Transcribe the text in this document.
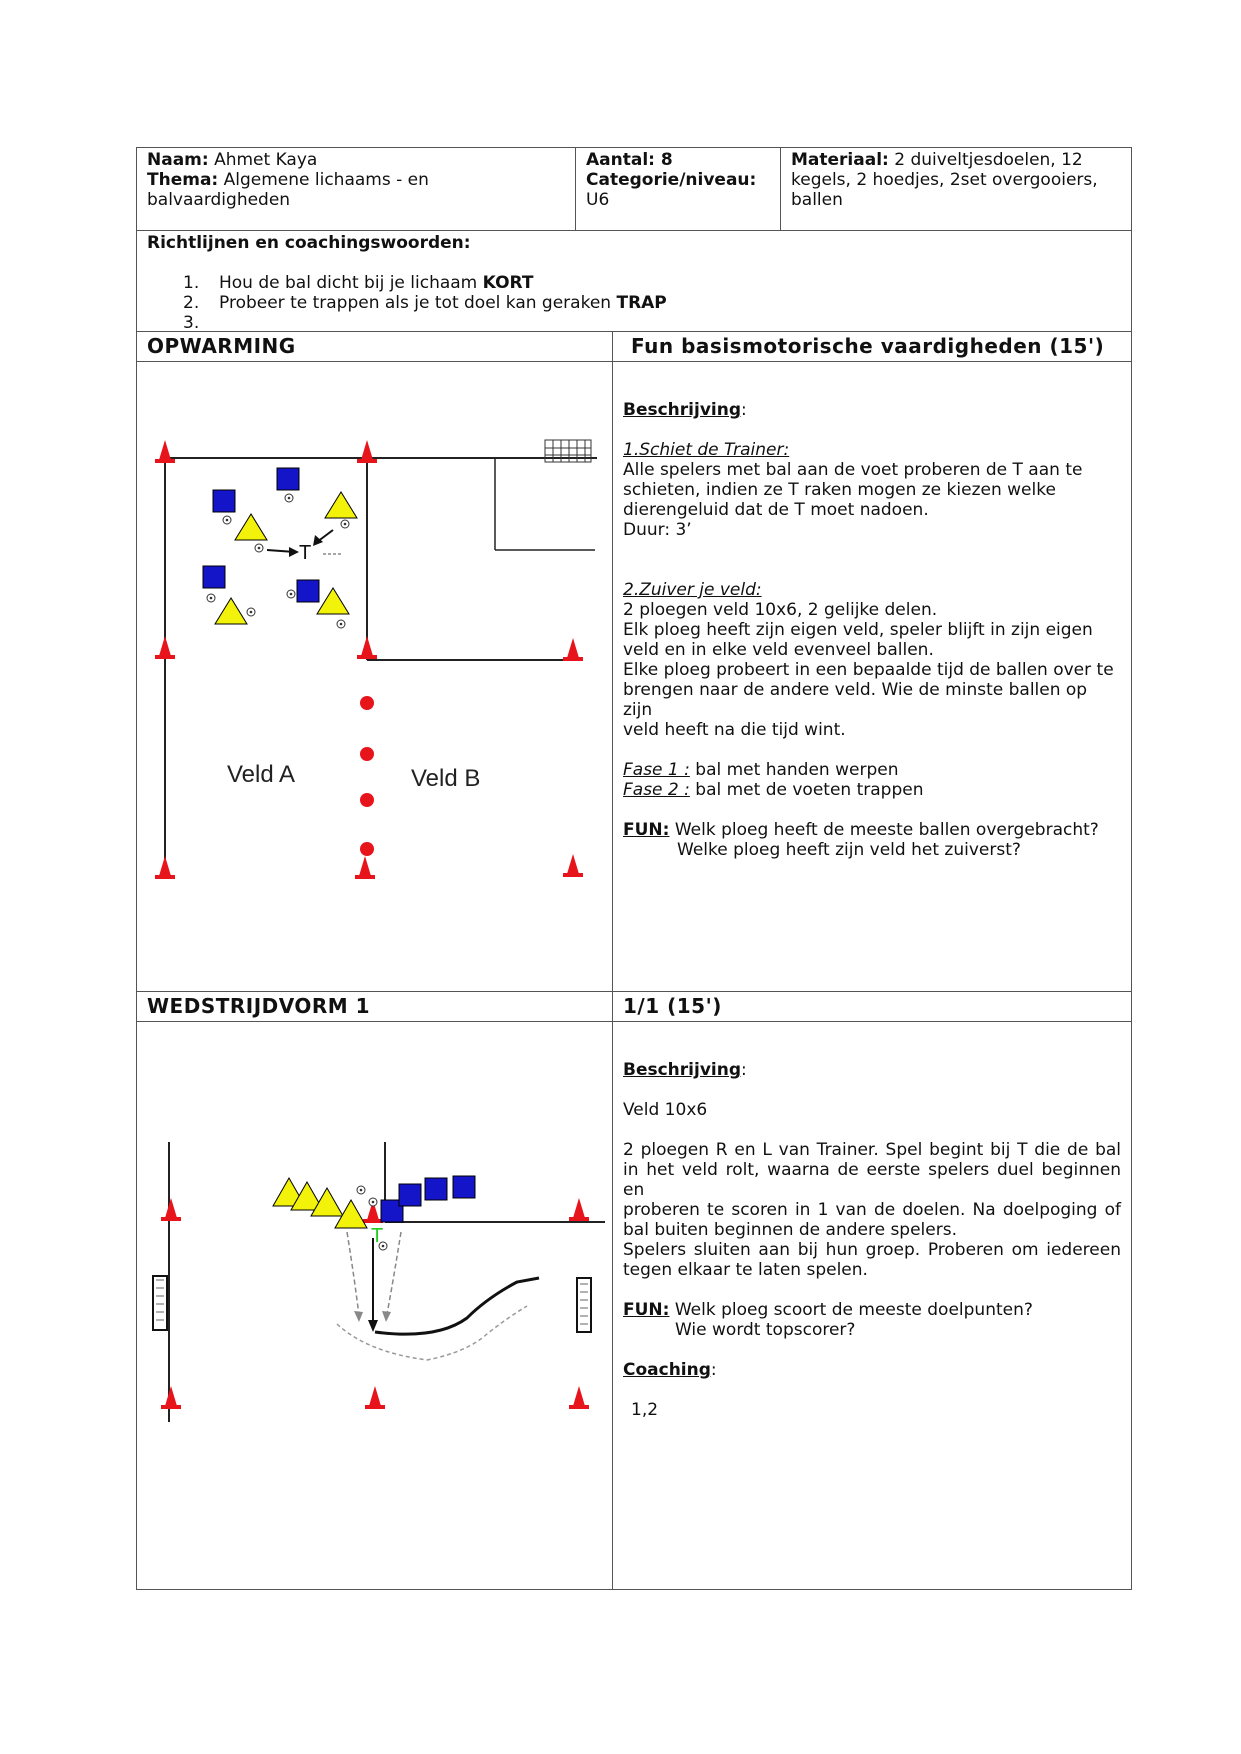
Naam: Ahmet Kaya
Thema: Algemene lichaams - en
balvaardigheden
Aantal: 8
Categorie/niveau:
U6
Materiaal: 2 duiveltjesdoelen, 12
kegels, 2 hoedjes, 2set overgooiers,
ballen
Richtlijnen en coachingswoorden:
1. Hou de bal dicht bij je lichaam KORT
2. Probeer te trappen als je tot doel kan geraken TRAP
3.
OPWARMING	Fun basismotorische vaardigheden (15')
T
Veld A	Veld B

Beschrijving:

1.Schiet de Trainer:

Alle spelers met bal aan de voet proberen de T aan te

schieten, indien ze T raken mogen ze kiezen welke

dierengeluid dat de T moet nadoen.

Duur: 3’

2.Zuiver je veld:

2 ploegen veld 10x6, 2 gelijke delen.

Elk ploeg heeft zijn eigen veld, speler blijft in zijn eigen

veld en in elke veld evenveel ballen.

Elke ploeg probeert in een bepaalde tijd de ballen over te

brengen naar de andere veld. Wie de minste ballen op zijn

veld heeft na die tijd wint.

Fase 1 : bal met handen werpen

Fase 2 : bal met de voeten trappen

FUN: Welk ploeg heeft de meeste ballen overgebracht?

Welke ploeg heeft zijn veld het zuiverst?

WEDSTRIJDVORM 1	1/1 (15')
T

Beschrijving:

Veld 10x6

2 ploegen R en L van Trainer. Spel begint bij T die de bal

in het veld rolt, waarna de eerste spelers duel beginnen en

proberen te scoren in 1 van de doelen. Na doelpoging of

bal buiten beginnen de andere spelers.

Spelers sluiten aan bij hun groep. Proberen om iedereen

tegen elkaar te laten spelen.

FUN: Welk ploeg scoort de meeste doelpunten?

Wie wordt topscorer?

Coaching:

1,2
